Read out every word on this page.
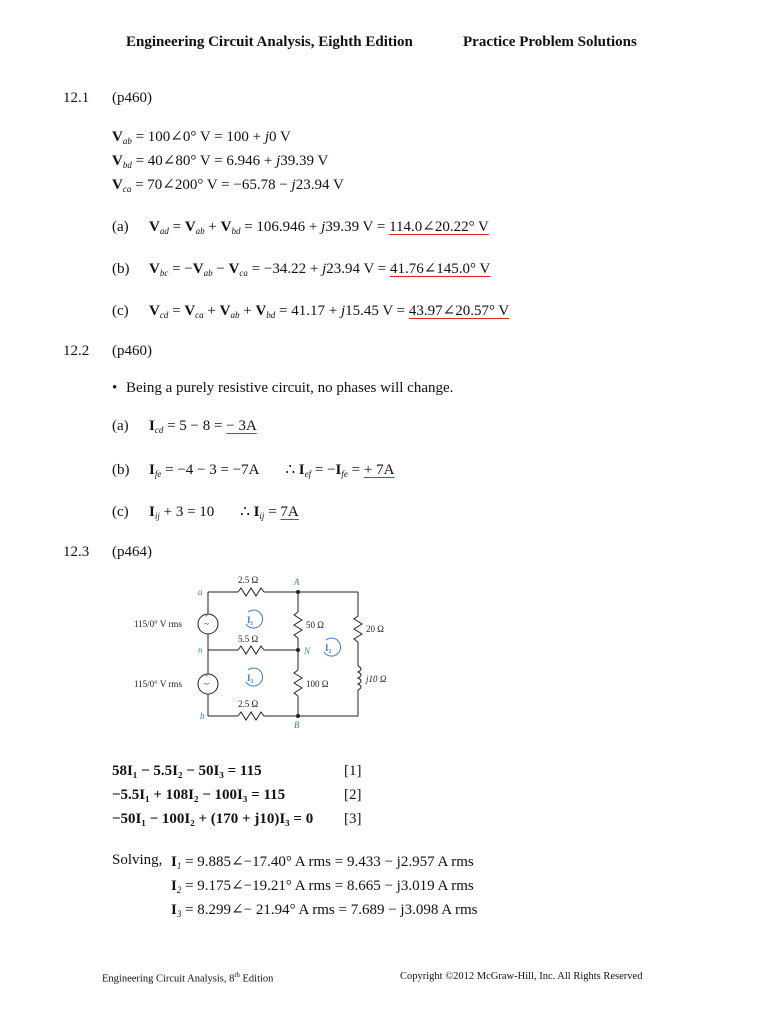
Engineering Circuit Analysis, Eighth Edition	Practice Problem Solutions
12.1 (p460)
$V_{ab}$ = 100∠0° V = 100 + j0 V
$V_{bd}$ = 40∠80° V = 6.946 + j39.39 V
$V_{ca}$ = 70∠200° V = −65.78 − j23.94 V
(a) $V_{ad} = V_{ab} + V_{bd} = 106.946 + j39.39$ V = 114.0∠20.22° V
(b) $V_{bc} = -V_{ab} - V_{ca} = -34.22 + j23.94$ V = 41.76∠145.0° V
(c) $V_{cd} = V_{ca} + V_{ab} + V_{bd} = 41.17 + j15.45$ V = 43.97∠20.57° V
12.2 (p460)
• Being a purely resistive circuit, no phases will change.
(a) $I_{cd} = 5 - 8$ = − 3A
(b) $I_{fe} = -4 - 3 = -7A$ ∴ $I_{ef} = -I_{fe}$ = + 7A
(c) $I_{ij} + 3 = 10$ ∴ $I_{ij} = 7A$
12.3 (p464)
~
~
+
+
115/0° V rms
115/0° V rms
2.5 Ω
5.5 Ω
2.5 Ω
50 Ω
100 Ω
20 Ω
j10 Ω
a
n
b
A
N
B
I₁
I₃
I₂
58I₁ − 5.5I₂ − 50I₃ = 115	[1]
−5.5I₁ + 108I₂ − 100I₃ = 115	[2]
−50I₁ − 100I₂ + (170 + j10)I₃ = 0 [3]
Solving, $I_1$ = 9.885∠−17.40° A rms = 9.433 − j2.957 A rms
$I_2$ = 9.175∠−19.21° A rms = 8.665 − j3.019 A rms
$I_3$ = 8.299∠− 21.94° A rms = 7.689 − j3.098 A rms
Engineering Circuit Analysis, 8th Edition	Copyright ©2012 McGraw-Hill, Inc. All Rights Reserved
